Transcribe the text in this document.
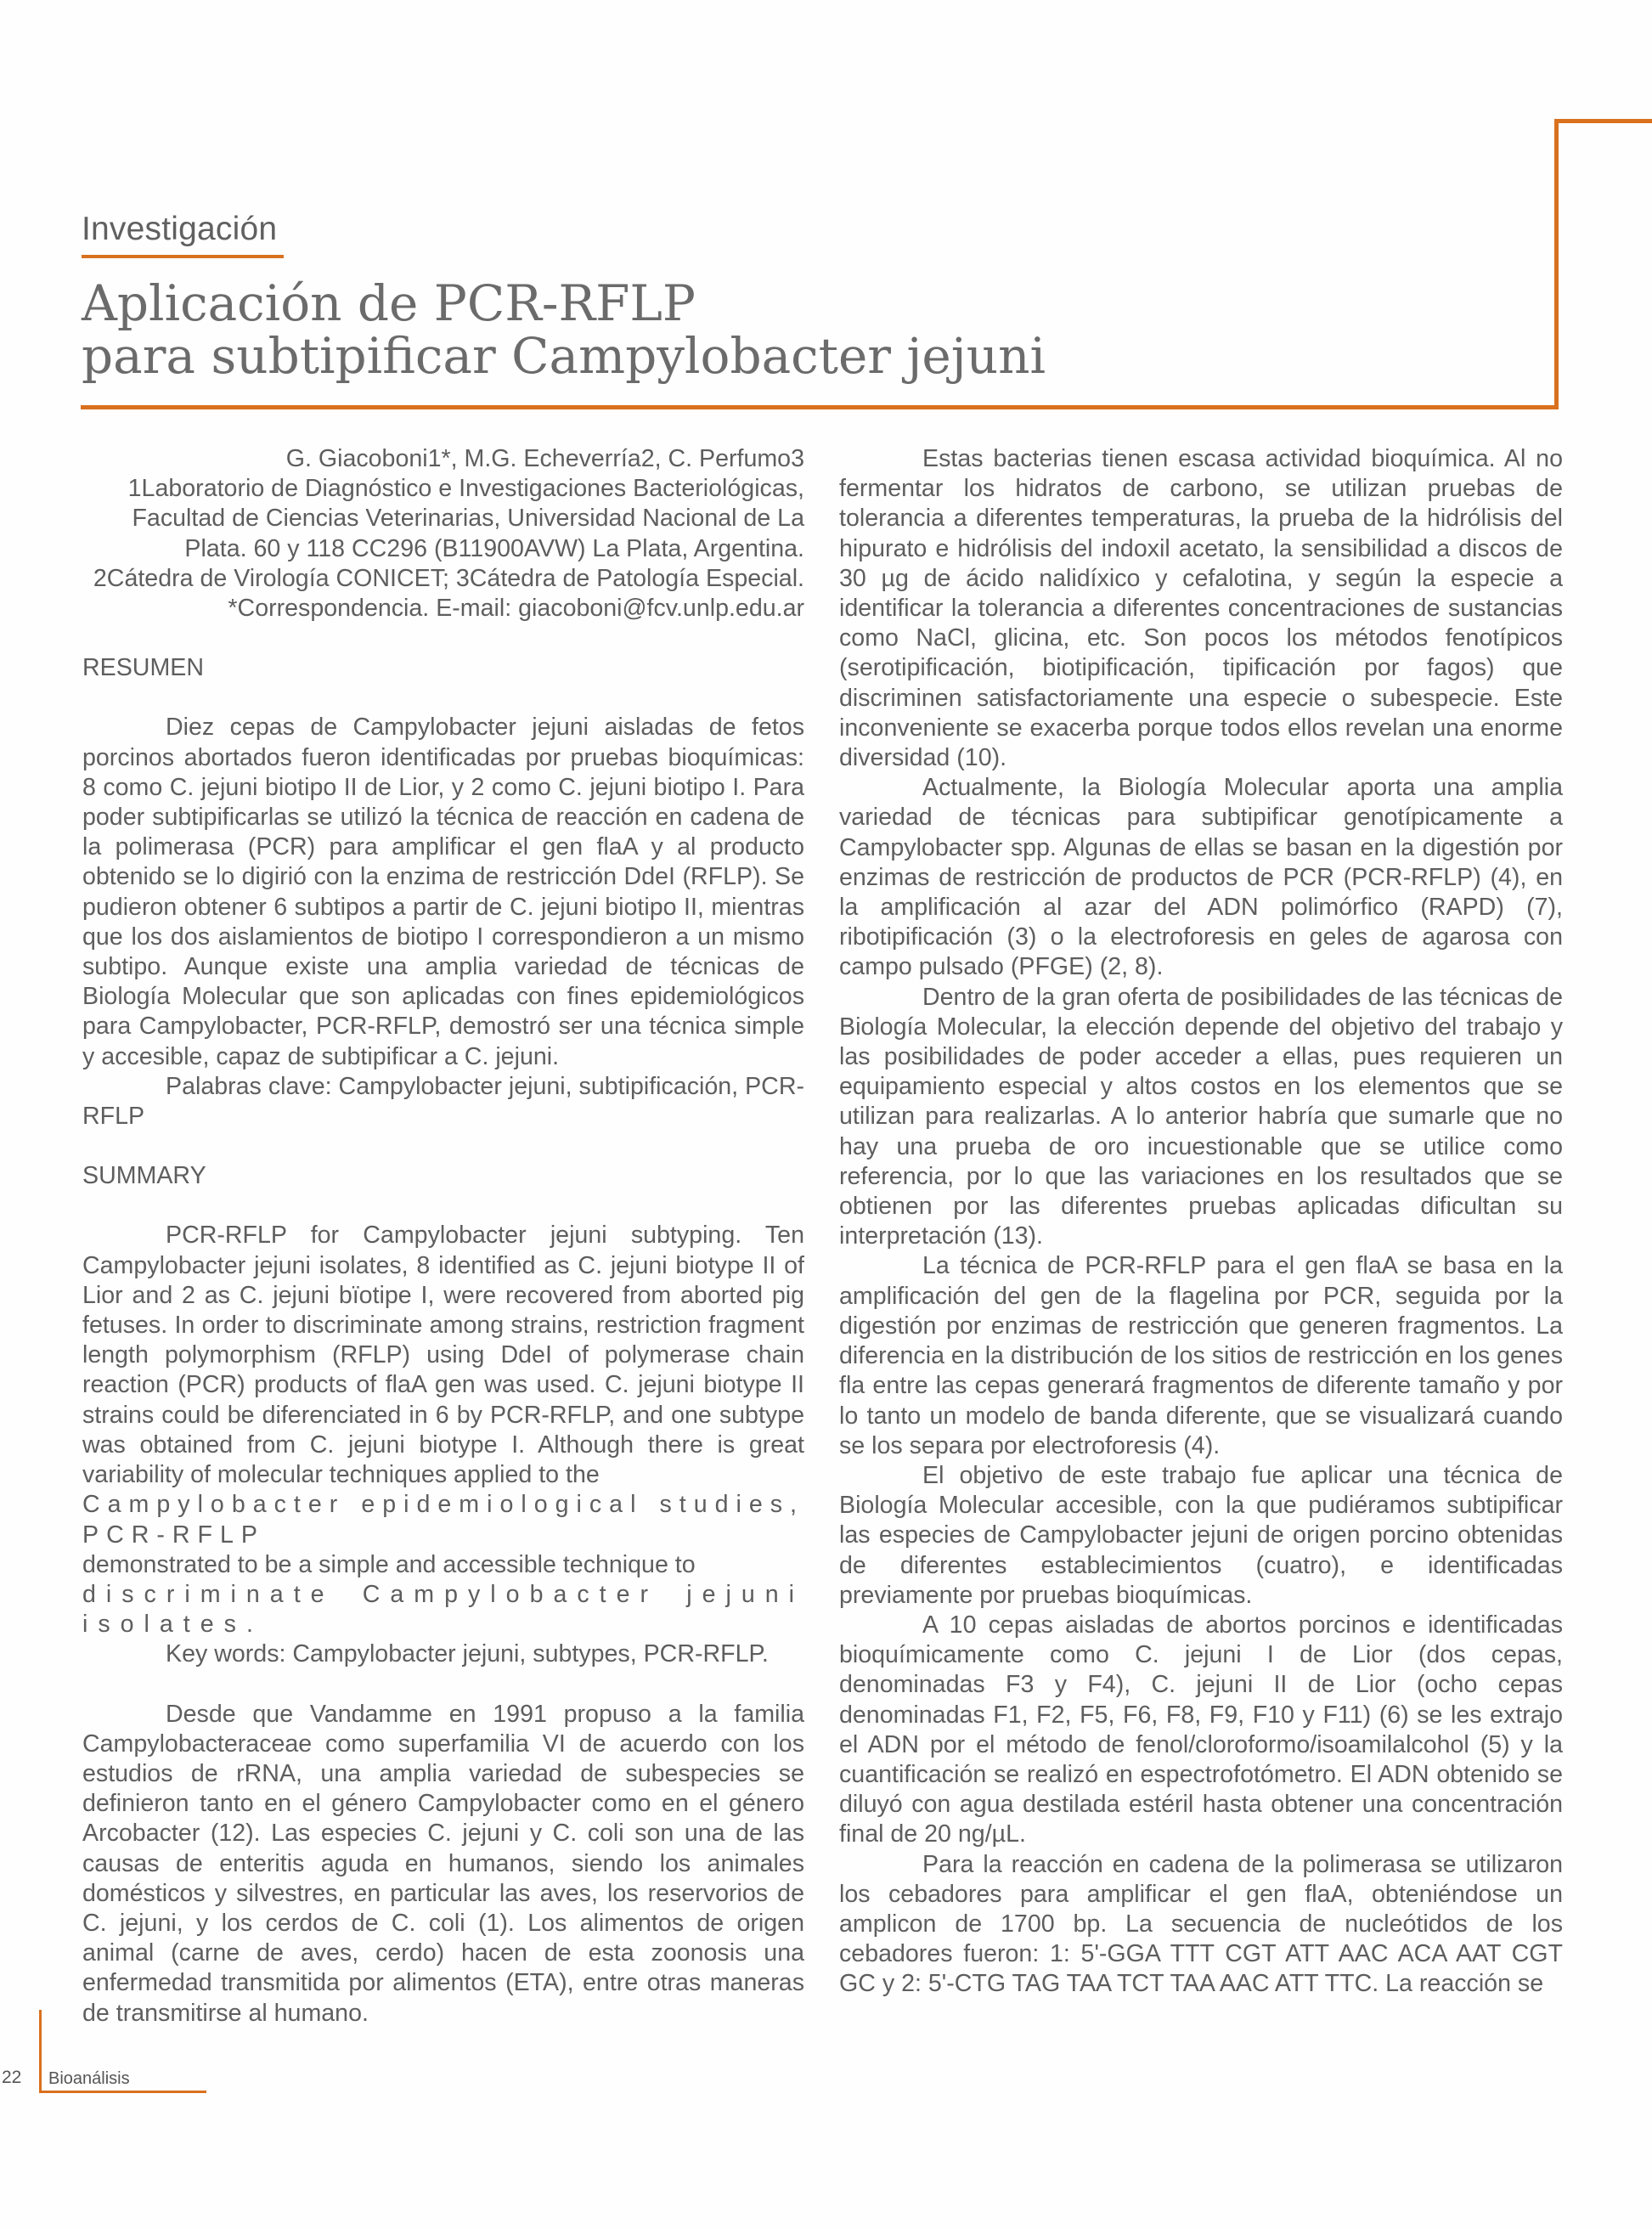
Investigación
Aplicación de PCR-RFLP
para subtipificar Campylobacter jejuni

G. Giacoboni1*, M.G. Echeverría2, C. Perfumo3

1Laboratorio de Diagnóstico e Investigaciones Bacteriológicas, Facultad de Ciencias Veterinarias, Universidad Nacional de La Plata. 60 y 118 CC296 (B11900AVW) La Plata, Argentina.

2Cátedra de Virología CONICET; 3Cátedra de Patología Especial.

*Correspondencia. E-mail: giacoboni@fcv.unlp.edu.ar

RESUMEN

Diez cepas de Campylobacter jejuni aisladas de fetos porcinos abortados fueron identificadas por pruebas bioquímicas: 8 como C. jejuni biotipo II de Lior, y 2 como C. jejuni biotipo I. Para poder subtipificarlas se utilizó la técnica de reacción en cadena de la polimerasa (PCR) para amplificar el gen flaA y al producto obtenido se lo digirió con la enzima de restricción DdeI (RFLP). Se pudieron obtener 6 subtipos a partir de C. jejuni biotipo II, mientras que los dos aislamientos de biotipo I correspondieron a un mismo subtipo. Aunque existe una amplia variedad de técnicas de Biología Molecular que son aplicadas con fines epidemiológicos para Campylobacter, PCR-RFLP, demostró ser una técnica simple y accesible, capaz de subtipificar a C. jejuni.

Palabras clave: Campylobacter jejuni, subtipificación, PCR-RFLP

SUMMARY

PCR-RFLP for Campylobacter jejuni subtyping. Ten Campylobacter jejuni isolates, 8 identified as C. jejuni biotype II of Lior and 2 as C. jejuni bïotipe I, were recovered from aborted pig fetuses. In order to discriminate among strains, restriction fragment length polymorphism (RFLP) using DdeI of polymerase chain reaction (PCR) products of flaA gen was used. C. jejuni biotype II strains could be diferenciated in 6 by PCR-RFLP, and one subtype was obtained from C. jejuni biotype I. Although there is great variability of molecular techniques applied to the

Campylobacter epidemiological studies, PCR-RFLP

demonstrated to be a simple and accessible technique to

discriminate Campylobacter jejuni isolates.

Key words: Campylobacter jejuni, subtypes, PCR-RFLP.

Desde que Vandamme en 1991 propuso a la familia Campylobacteraceae como superfamilia VI de acuerdo con los estudios de rRNA, una amplia variedad de subespecies se definieron tanto en el género Campylobacter como en el género Arcobacter (12). Las especies C. jejuni y C. coli son una de las causas de enteritis aguda en humanos, siendo los animales domésticos y silvestres, en particular las aves, los reservorios de C. jejuni, y los cerdos de C. coli (1). Los alimentos de origen animal (carne de aves, cerdo) hacen de esta zoonosis una enfermedad transmitida por alimentos (ETA), entre otras maneras de transmitirse al humano.

Estas bacterias tienen escasa actividad bioquímica. Al no fermentar los hidratos de carbono, se utilizan pruebas de tolerancia a diferentes temperaturas, la prueba de la hidrólisis del hipurato e hidrólisis del indoxil acetato, la sensibilidad a discos de 30 µg de ácido nalidíxico y cefalotina, y según la especie a identificar la tolerancia a diferentes concentraciones de sustancias como NaCl, glicina, etc. Son pocos los métodos fenotípicos (serotipificación, biotipificación, tipificación por fagos) que discriminen satisfactoriamente una especie o subespecie. Este inconveniente se exacerba porque todos ellos revelan una enorme diversidad (10).

Actualmente, la Biología Molecular aporta una amplia variedad de técnicas para subtipificar genotípicamente a Campylobacter spp. Algunas de ellas se basan en la digestión por enzimas de restricción de productos de PCR (PCR-RFLP) (4), en la amplificación al azar del ADN polimórfico (RAPD) (7), ribotipificación (3) o la electroforesis en geles de agarosa con campo pulsado (PFGE) (2, 8).

Dentro de la gran oferta de posibilidades de las técnicas de Biología Molecular, la elección depende del objetivo del trabajo y las posibilidades de poder acceder a ellas, pues requieren un equipamiento especial y altos costos en los elementos que se utilizan para realizarlas. A lo anterior habría que sumarle que no hay una prueba de oro incuestionable que se utilice como referencia, por lo que las variaciones en los resultados que se obtienen por las diferentes pruebas aplicadas dificultan su interpretación (13).

La técnica de PCR-RFLP para el gen flaA se basa en la amplificación del gen de la flagelina por PCR, seguida por la digestión por enzimas de restricción que generen fragmentos. La diferencia en la distribución de los sitios de restricción en los genes fla entre las cepas generará fragmentos de diferente tamaño y por lo tanto un modelo de banda diferente, que se visualizará cuando se los separa por electroforesis (4).

El objetivo de este trabajo fue aplicar una técnica de Biología Molecular accesible, con la que pudiéramos subtipificar las especies de Campylobacter jejuni de origen porcino obtenidas de diferentes establecimientos (cuatro), e identificadas previamente por pruebas bioquímicas.

A 10 cepas aisladas de abortos porcinos e identificadas bioquímicamente como C. jejuni I de Lior (dos cepas, denominadas F3 y F4), C. jejuni II de Lior (ocho cepas denominadas F1, F2, F5, F6, F8, F9, F10 y F11) (6) se les extrajo el ADN por el método de fenol/cloroformo/isoamilalcohol (5) y la cuantificación se realizó en espectrofotómetro. El ADN obtenido se diluyó con agua destilada estéril hasta obtener una concentración final de 20 ng/µL.

Para la reacción en cadena de la polimerasa se utilizaron los cebadores para amplificar el gen flaA, obteniéndose un amplicon de 1700 bp. La secuencia de nucleótidos de los cebadores fueron: 1: 5'-GGA TTT CGT ATT AAC ACA AAT CGT GC y 2: 5'-CTG TAG TAA TCT TAA AAC ATT TTC. La reacción se

22 Bioanálisis
